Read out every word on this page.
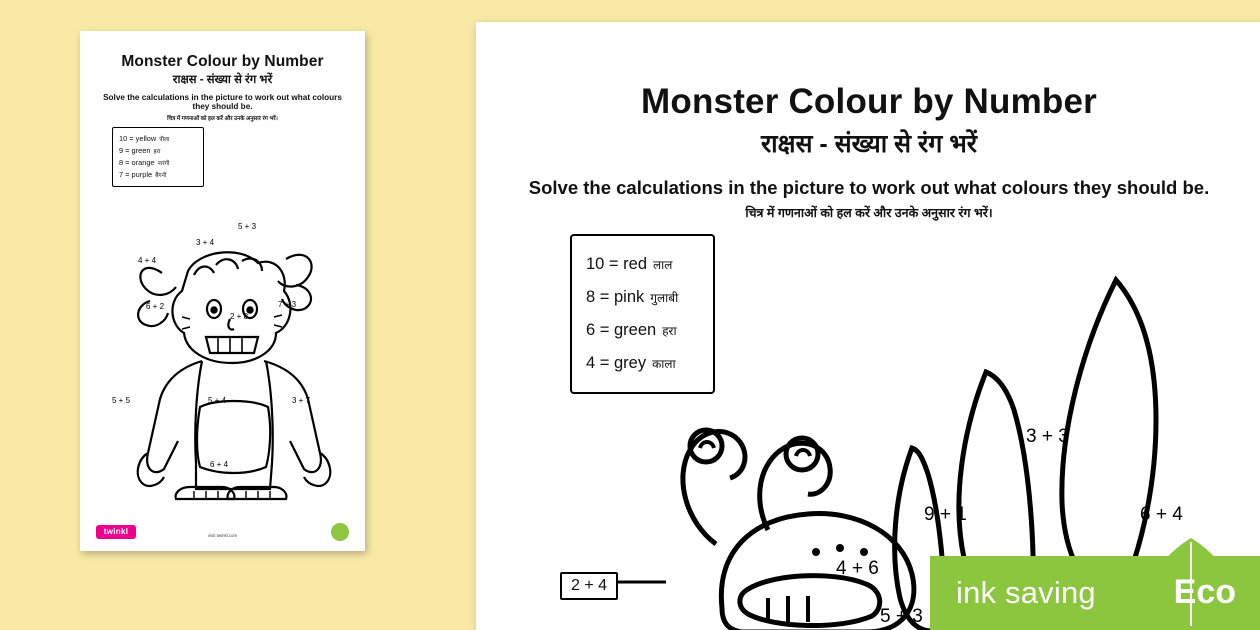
Monster Colour by Number
राक्षस - संख्या से रंग भरें
Solve the calculations in the picture to work out what colours they should be.
चित्र में गणनाओं को हल करें और उनके अनुसार रंग भरें।
10 = yellow पीला
9 = green हरा
8 = orange नारंगी
7 = purple बैंगनी
5 + 3
3 + 4
4 + 4
6 + 2
2 + 8
7 + 3
5 + 5	5 + 4	3 + 7
6 + 4
twinkl	visit twinkl.com
Monster Colour by Number
राक्षस - संख्या से रंग भरें
Solve the calculations in the picture to work out what colours they should be.
चित्र में गणनाओं को हल करें और उनके अनुसार रंग भरें।
10 = red लाल
8 = pink गुलाबी
6 = green हरा
4 = grey काला
3 + 3
9 + 1	6 + 4
4 + 6
5 + 3
2 + 4	ink saving Eco
